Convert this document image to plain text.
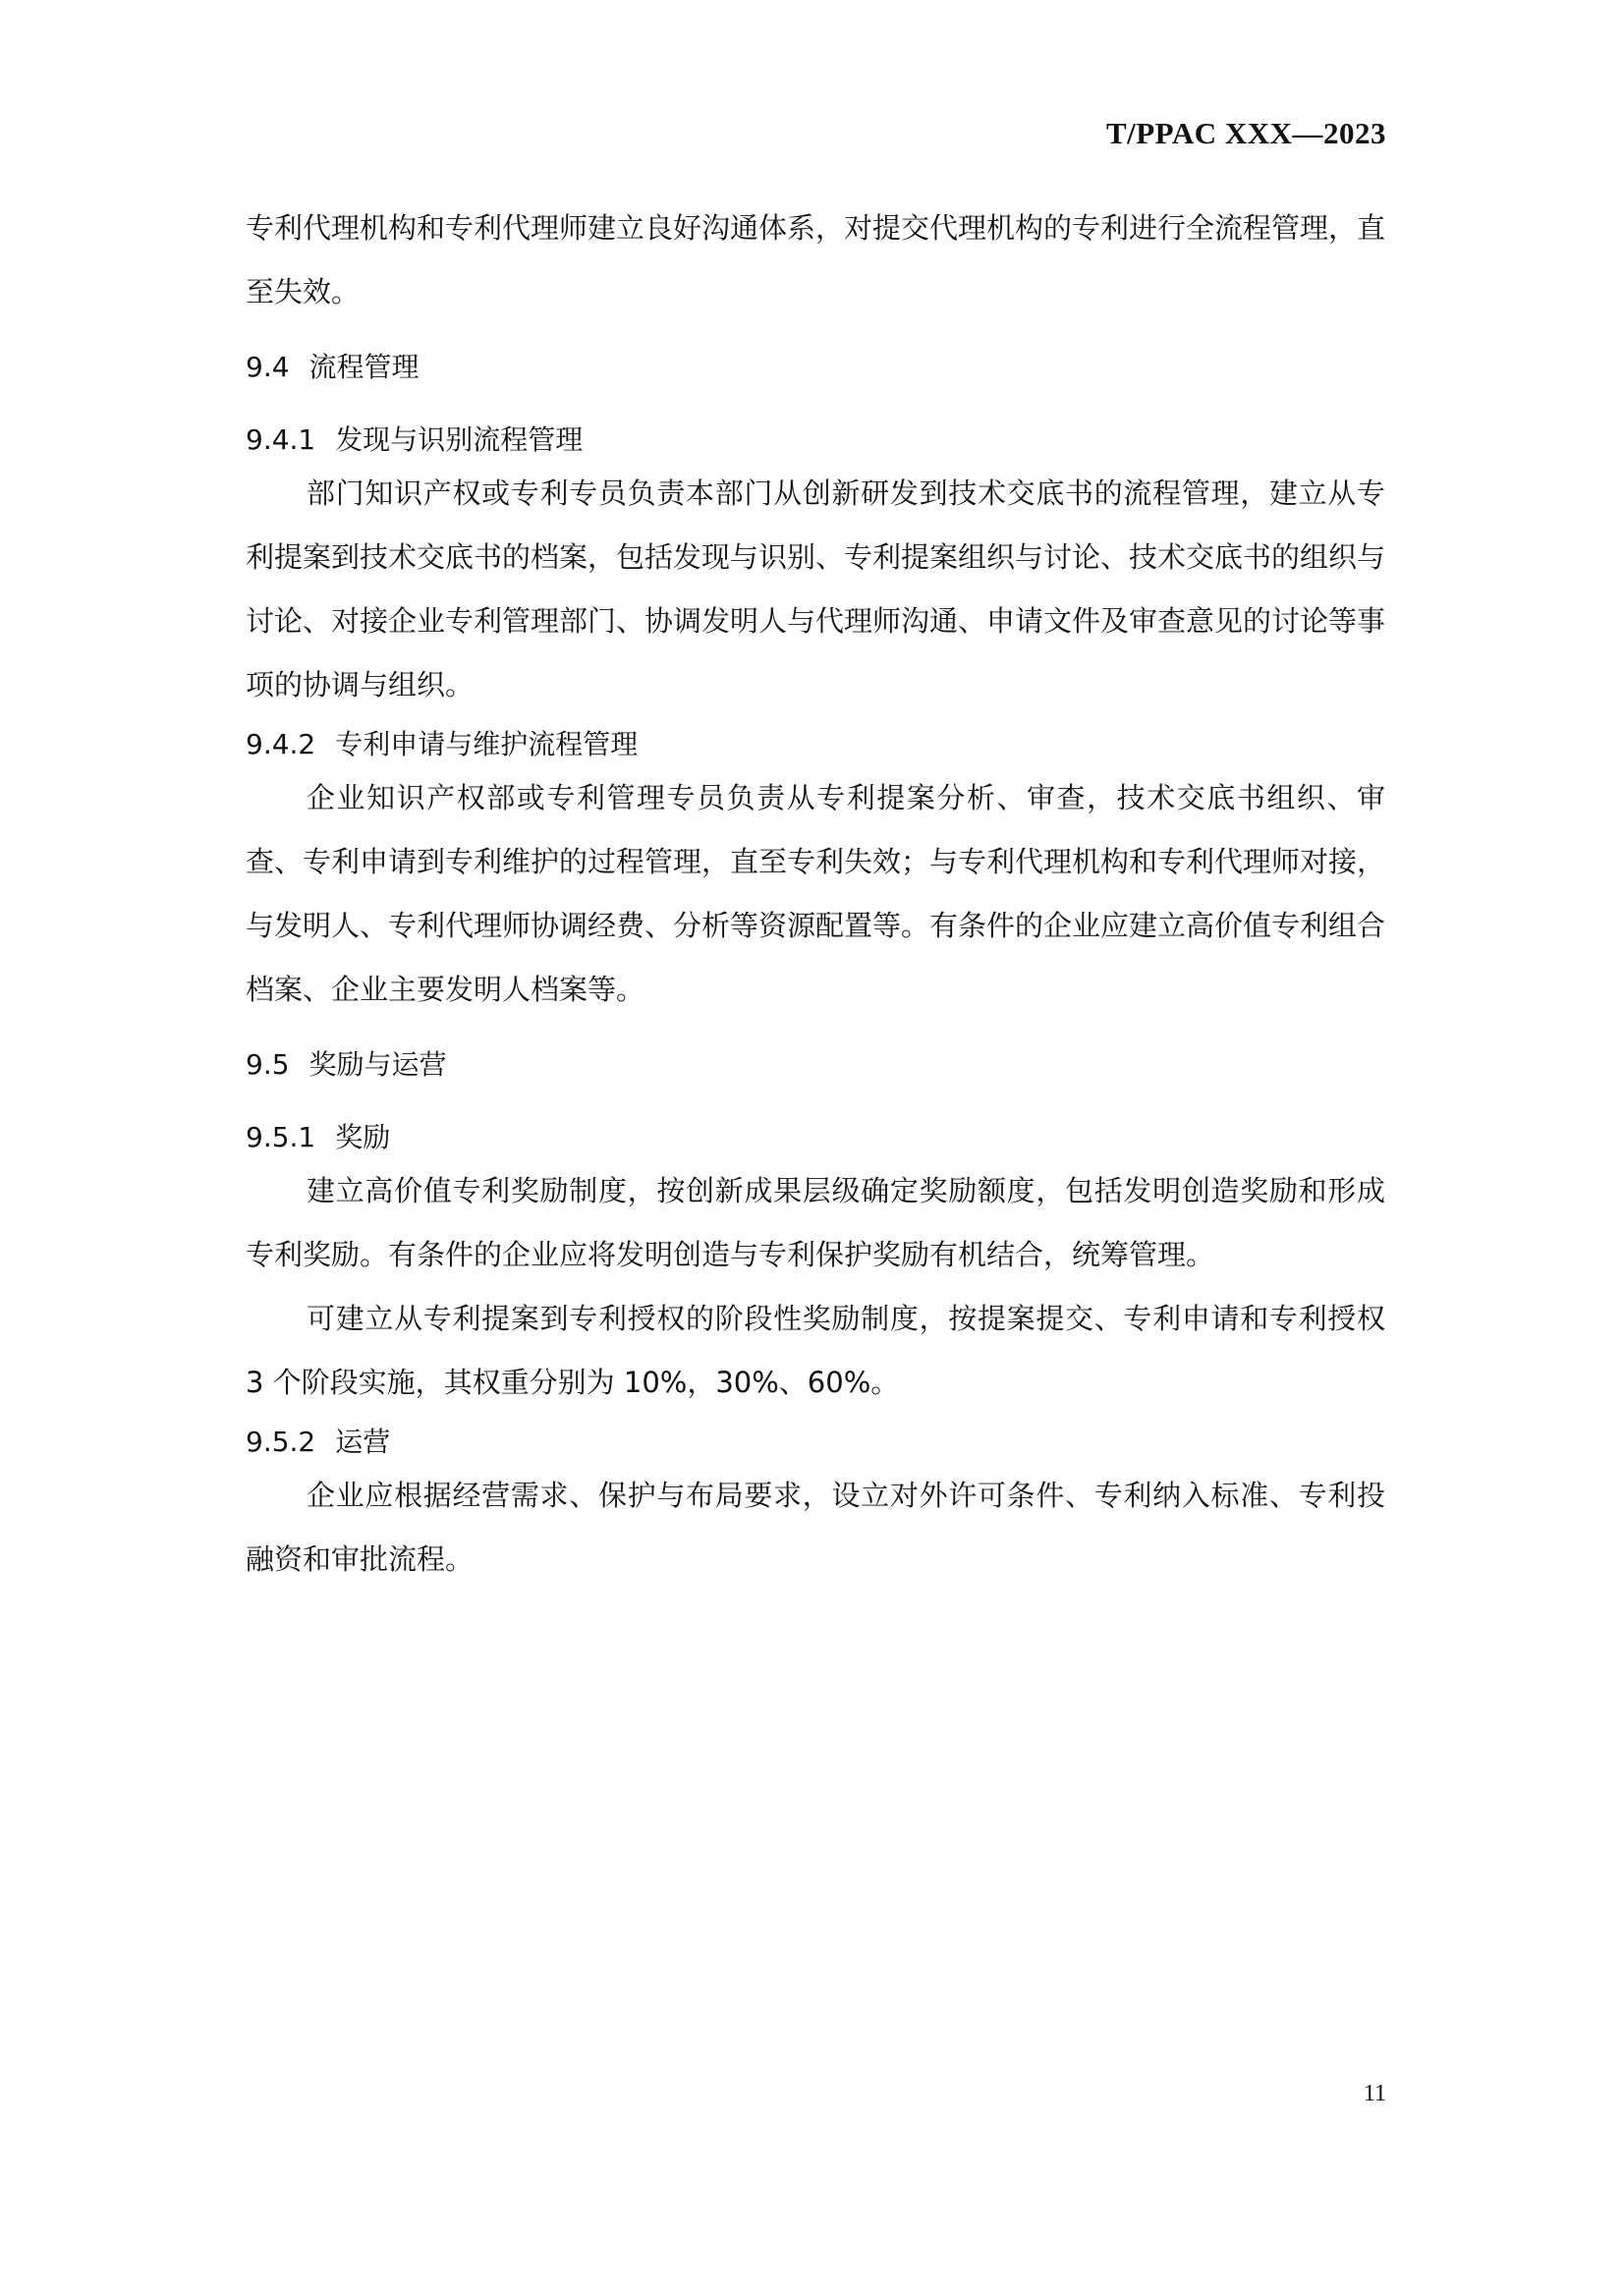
T/PPAC XXX—2023

专利代理机构和专利代理师建立良好沟通体系，对提交代理机构的专利进行全流程管理，直至失效。

9.4 流程管理

9.4.1 发现与识别流程管理

部门知识产权或专利专员负责本部门从创新研发到技术交底书的流程管理，建立从专利提案到技术交底书的档案，包括发现与识别、专利提案组织与讨论、技术交底书的组织与讨论、对接企业专利管理部门、协调发明人与代理师沟通、申请文件及审查意见的讨论等事项的协调与组织。

9.4.2 专利申请与维护流程管理

企业知识产权部或专利管理专员负责从专利提案分析、审查，技术交底书组织、审查、专利申请到专利维护的过程管理，直至专利失效；与专利代理机构和专利代理师对接，与发明人、专利代理师协调经费、分析等资源配置等。有条件的企业应建立高价值专利组合档案、企业主要发明人档案等。

9.5 奖励与运营

9.5.1 奖励

建立高价值专利奖励制度，按创新成果层级确定奖励额度，包括发明创造奖励和形成专利奖励。有条件的企业应将发明创造与专利保护奖励有机结合，统筹管理。

可建立从专利提案到专利授权的阶段性奖励制度，按提案提交、专利申请和专利授权 3 个阶段实施，其权重分别为 10%，30%、60%。

9.5.2 运营

企业应根据经营需求、保护与布局要求，设立对外许可条件、专利纳入标准、专利投融资和审批流程。

11
